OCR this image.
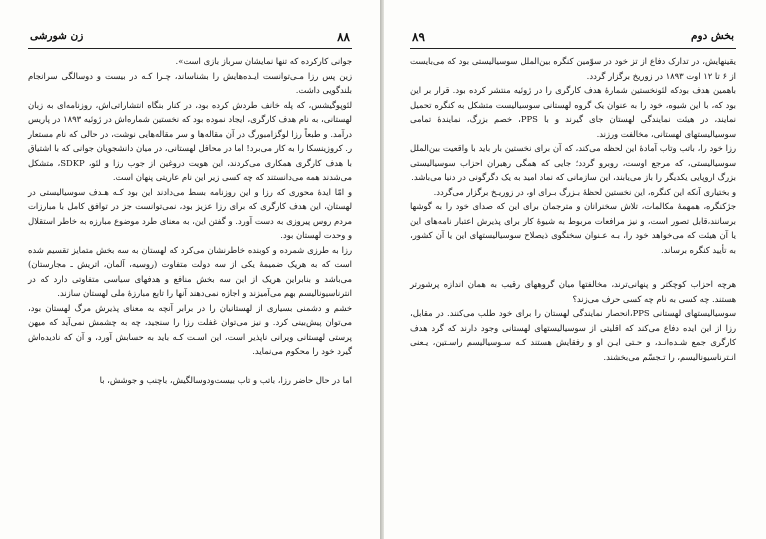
۸۸
زن شورشی

جوانی کارکرده که تنها نمایشان سرباز بازی است».

زین پس رزا مـی‌توانست ایـده‌هایش را بشناساند، چـرا کـه در بیست و دوسالگی سرانجام بلندگویی داشت.

لئوپوگیشس، که پله خانف طردش کرده بود، در کنار بنگاه انتشاراتی‌اش، روزنامه‌ای به زبان لهستانی، به نام هدف کارگری، ایجاد نموده بود که نخستین شماره‌اش در ژوئیه ۱۸۹۳ در پاریس درآمد. و طبعاً رزا لوگزامبورگ در آن مقاله‌ها و سر مقاله‌هایی نوشت، در حالی که نام مستعار ر. کروزینسکا را به کار می‌برد! اما در محافل لهستانی، در میان دانشجویان جوانی که با اشتیاق با هدف کارگری همکاری می‌کردند، این هویت دروغین از جوب رزا و لئو، SDKP، متشکل می‌شدند همه می‌دانستند که چه کسی زیر این نام عاریتی پنهان است.

و امّا ایدهٔ محوری که رزا و این روزنامه بسط می‌دادند این بود کـه هـدف سوسیالیستی در لهستان، این هدف کارگری که برای رزا عزیز بود، نمی‌توانست جز در توافق کامل با مبارزات مردم روس پیروزی به دست آورد. و گفتن این، به معنای طرد موضوع مبارزه به خاطر استقلال و وحدت لهستان بود.

رزا به طرزی شمرده و کوبنده خاطرنشان می‌کرد که لهستان به سه بخش متمایز تقسیم شده است که به هریک ضمیمهٔ یکی از سه دولت متفاوت (روسیه، آلمان، اتریش ـ مجارستان) می‌باشد و بنابراین هریک از این سه بخش منافع و هدفهای سیاسی متفاوتی دارد که در انترناسیونالیسم بهم می‌آمیزند و اجازه نمی‌دهند آنها را تابع مبارزهٔ ملی لهستان سازند.

خشم و دشمنی بسیاری از لهستانیان را در برابر آنچه به معنای پذیرش مرگ لهستان بود، می‌توان پیش‌بینی کرد. و نیز می‌توان غفلت رزا را سنجید، چه به چشمش نمی‌آید که میهن پرستی لهستانی ویرانی ناپذیر است، این اسـت کـه باید به حسابش آورد، و آن که نادیده‌اش گیرد خود را محکوم می‌نماید.

اما در حال حاضر رزا، باتب و تاب بیست‌ودوسالگیش، باچنب و جوشش، با

۸۹	بخش دوم

یقینهایش، در تدارک دفاع از تز خود در سوّمین کنگره بین‌الملل سوسیالیستی بود که می‌بایست از ۶ تا ۱۲ اوت ۱۸۹۳ در زوریخ برگزار گردد.

باهمین هدف بودکه لئونخستین شمارهٔ هدف کارگری را در ژوئیه منتشر کرده بود. قرار بر این بود که، با این شیوه، خود را به عنوان یک گروه لهستانی سوسیالیست متشکل به کنگره تحمیل نمایند، در هیئت نمایندگی لهستان جای گیرند و با PPS، خصم بزرگ، نمایندهٔ تمامی سوسیالیستهای لهستانی، مخالفت ورزند.

رزا خود را، باتب وتاب آمادهٔ این لحظه می‌کند، که آن برای نخستین بار باید با واقعیت بین‌الملل سوسیالیستی، که مرجع اوست، روبرو گردد؛ جایی که همگی رهبران احزاب سوسیالیستی بزرگ اروپایی یکدیگر را باز می‌یابند، این سازمانی که نماد امید به یک دگرگونی در دنیا می‌باشد.

و بختیاری آنکه این کنگره، این نخستین لحظهٔ بـزرگ بـرای او، در زوریـخ برگزار می‌گردد.

جژکنگره، همهمهٔ مکالمات، تلاش سخنرانان و مترجمان برای این که صدای خود را به گوشها برسانند،قابل تصور است، و نیز مرافعات مربوط به شیوهٔ کار برای پذیرش اعتبار نامه‌های این یا آن هیئت که می‌خواهد خود را، بـه عـنوان سخنگوی ذیصلاح سوسیالیستهای این یا آن کشور، به تأیید کنگره برساند.

هرچه احزاب کوچکتر و پنهانی‌ترند، مخالفتها میان گروههای رقیب به همان اندازه پرشورتر هستند. چه کسی به نام چه کسی حرف می‌زند؟

سوسیالیستهای لهستانی PPS،انحصار نمایندگی لهستان را برای خود طلب می‌کنند. در مقابل، رزا از این ایده دفاع می‌کند که اقلیتی از سوسیالیستهای لهستانی وجود دارند که گرد هدف کارگری جمع شـده‌انـد، و حـتی ایـن او و رفقایش هستند کـه سـوسیالیسم راسـتین، یـعنی انـترناسیونالیسم، را تـجسّم می‌بخشند.
